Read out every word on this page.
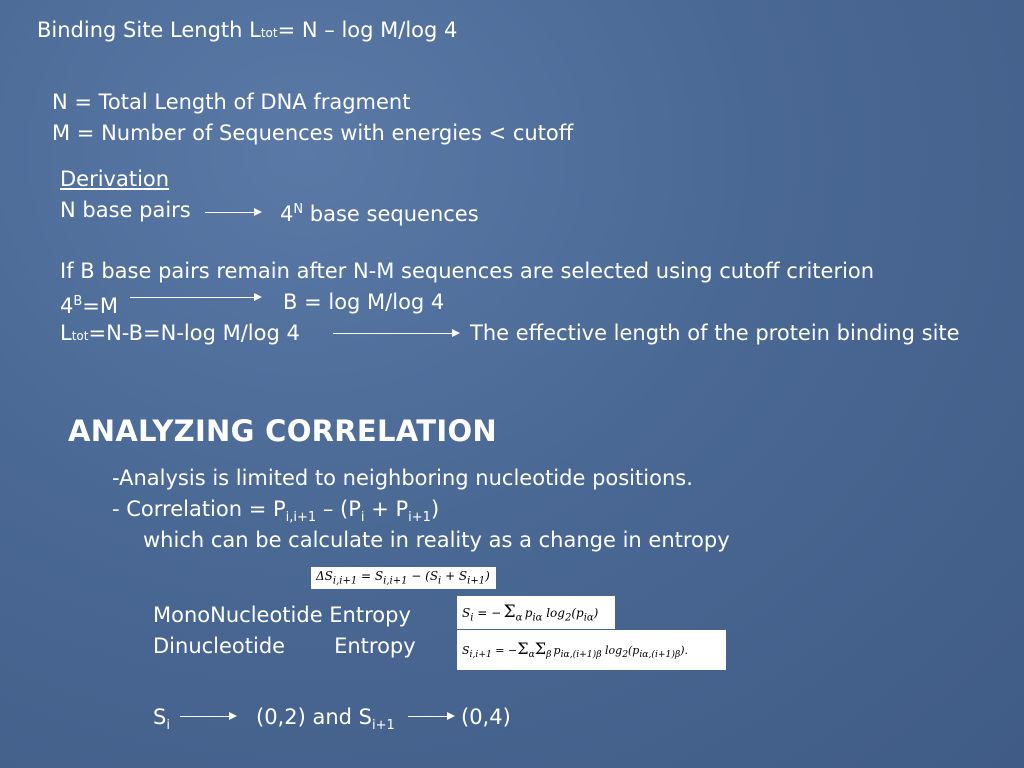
Binding Site Length Ltot= N – log M/log 4
N = Total Length of DNA fragment
M = Number of Sequences with energies < cutoff
Derivation
N base pairs	$4^N$ base sequences
If B base pairs remain after N-M sequences are selected using cutoff criterion
$4^B=M$	B = log M/log 4
Ltot=N-B=N-log M/log 4	The effective length of the protein binding site
ANALYZING CORRELATION
-Analysis is limited to neighboring nucleotide positions.
- Correlation = $P_{i,i+1} - (P_i + P_{i+1})$
which can be calculate in reality as a change in entropy
$\Delta S_{i,i+1} = S_{i,i+1} - (S_i + S_{i+1})$
MonoNucleotide Entropy	$S_i$ = − $\Sigma_\alpha$ $p_{i\alpha}$ $\log_2(p_{i\alpha})$
Dinucleotide Entropy	$S_{i,i+1} = -\Sigma_\alpha\Sigma_\beta$ $p_{i\alpha,(i+1)\beta}$ $\log_2(p_{i\alpha,(i+1)\beta})$.
$S_i$	(0,2) and $S_{i+1}$	(0,4)
